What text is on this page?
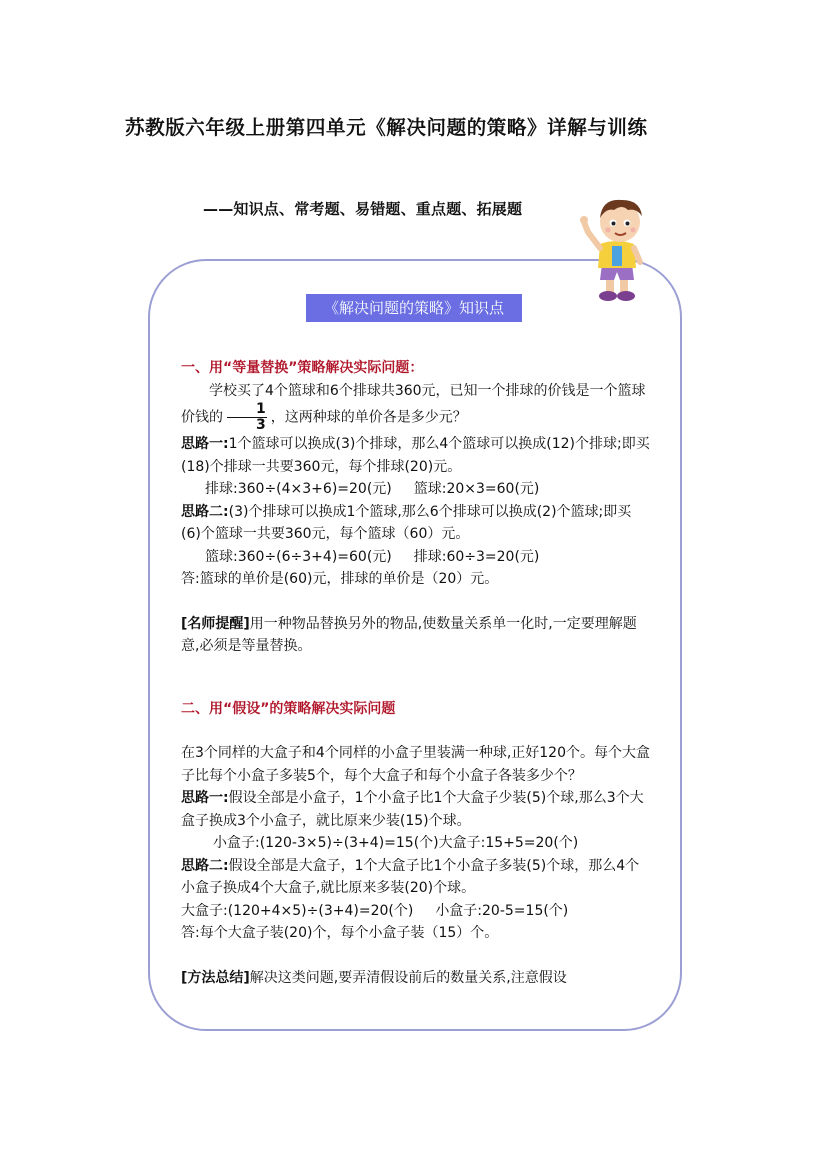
苏教版六年级上册第四单元《解决问题的策略》详解与训练
——知识点、常考题、易错题、重点题、拓展题
《解决问题的策略》知识点

一、用“等量替换”策略解决实际问题：

学校买了4个篮球和6个排球共360元，已知一个排球的价钱是一个篮球价钱的 $\frac{1}{3}$ ，这两种球的单价各是多少元？

思路一:1个篮球可以换成(3)个排球，那么4个篮球可以换成(12)个排球;即买(18)个排球一共要360元，每个排球(20)元。

排球:360÷(4×3+6)=20(元) 篮球:20×3=60(元)

思路二:(3)个排球可以换成1个篮球,那么6个排球可以换成(2)个篮球;即买(6)个篮球一共要360元，每个篮球（60）元。

篮球:360÷(6÷3+4)=60(元) 排球:60÷3=20(元)

答:篮球的单价是(60)元，排球的单价是（20）元。

[名师提醒]用一种物品替换另外的物品,使数量关系单一化时,一定要理解题意,必须是等量替换。

二、用“假设”的策略解决实际问题

在3个同样的大盒子和4个同样的小盒子里装满一种球,正好120个。每个大盒子比每个小盒子多装5个，每个大盒子和每个小盒子各装多少个？

思路一:假设全部是小盒子，1个小盒子比1个大盒子少装(5)个球,那么3个大盒子换成3个小盒子，就比原来少装(15)个球。

小盒子:(120-3×5)÷(3+4)=15(个)大盒子:15+5=20(个)

思路二:假设全部是大盒子，1个大盒子比1个小盒子多装(5)个球，那么4个小盒子换成4个大盒子,就比原来多装(20)个球。

大盒子:(120+4×5)÷(3+4)=20(个) 小盒子:20-5=15(个)

答:每个大盒子装(20)个，每个小盒子装（15）个。

[方法总结]解决这类问题,要弄清假设前后的数量关系,注意假设
